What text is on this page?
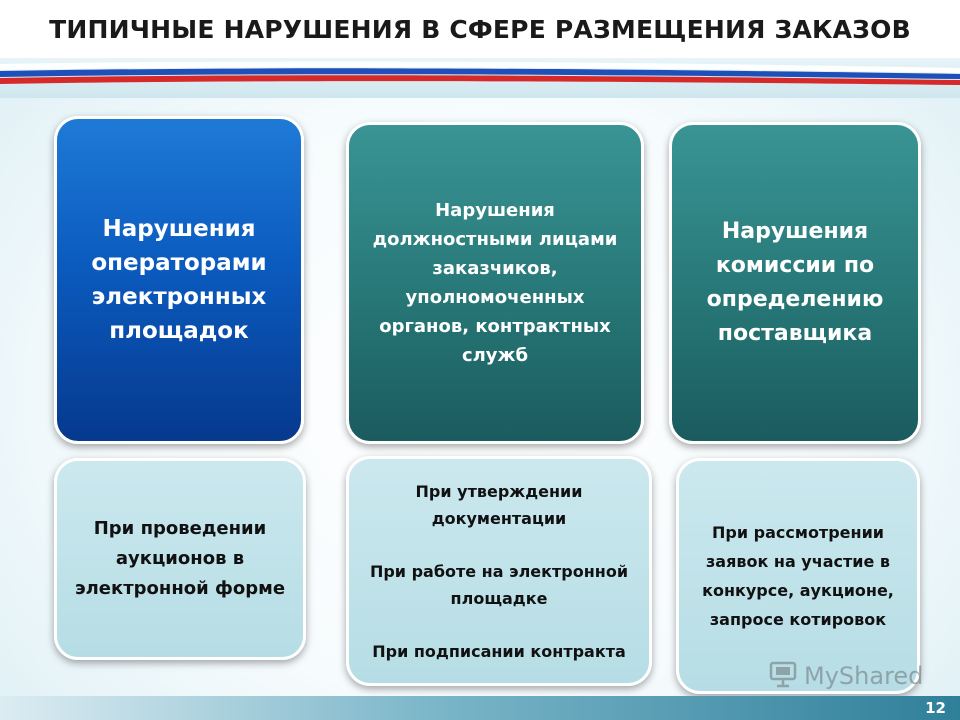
ТИПИЧНЫЕ НАРУШЕНИЯ В СФЕРЕ РАЗМЕЩЕНИЯ ЗАКАЗОВ
Нарушения операторами электронных площадок
Нарушения должностными лицами заказчиков, уполномоченных органов, контрактных служб
Нарушения комиссии по определению поставщика
При проведении аукционов в электронной форме
При утверждении документации
При работе на электронной площадке
При подписании контракта
При рассмотрении заявок на участие в конкурсе, аукционе, запросе котировок
12
MyShared
